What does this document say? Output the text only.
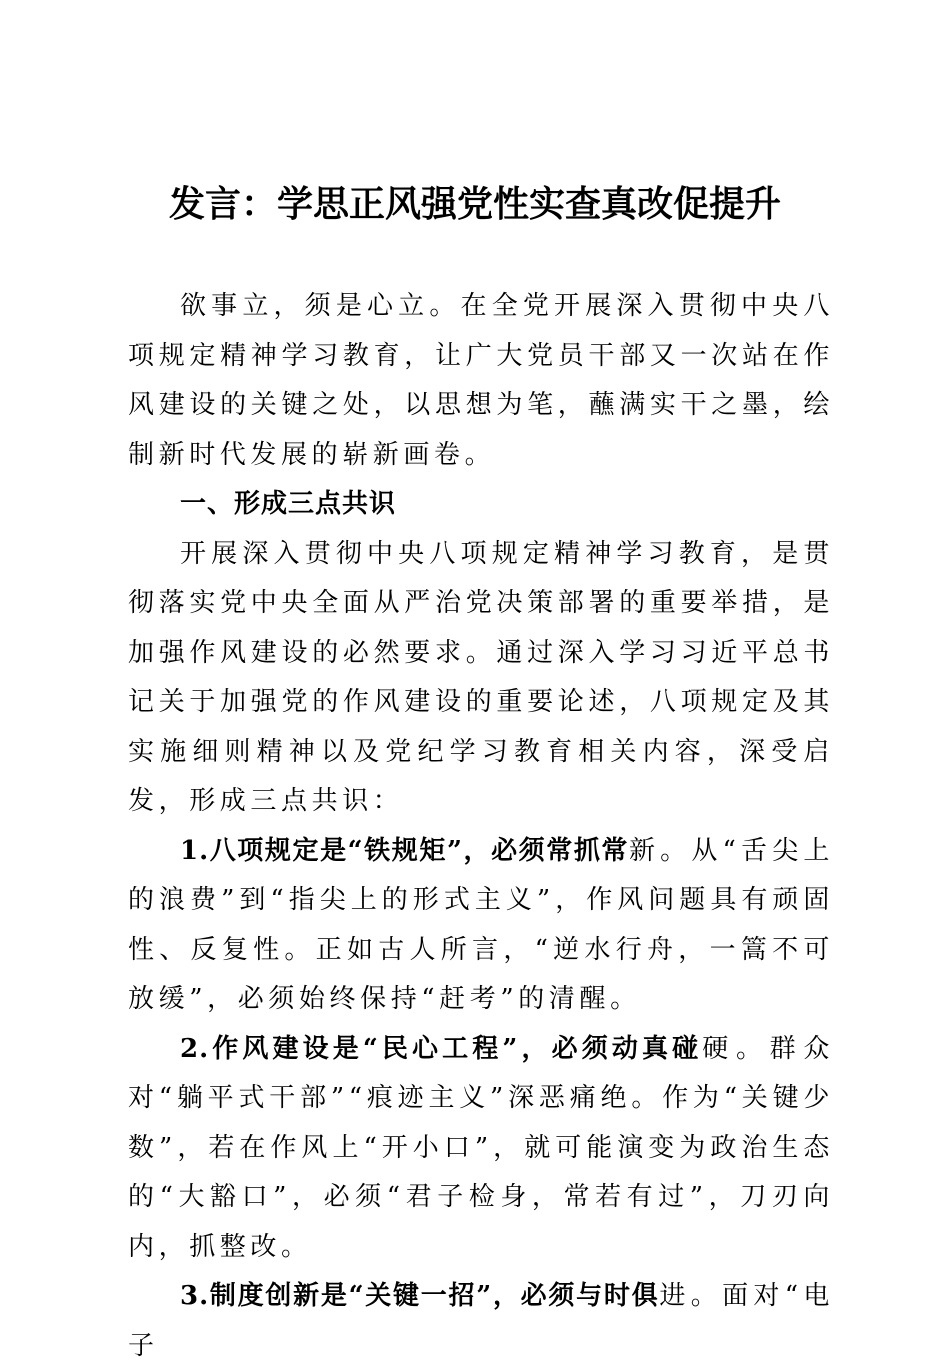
发言：学思正风强党性实查真改促提升

欲事立，须是心立。在全党开展深入贯彻中央八项规定精神学习教育，让广大党员干部又一次站在作风建设的关键之处，以思想为笔，蘸满实干之墨，绘制新时代发展的崭新画卷。

一、形成三点共识

开展深入贯彻中央八项规定精神学习教育，是贯彻落实党中央全面从严治党决策部署的重要举措，是加强作风建设的必然要求。通过深入学习习近平总书记关于加强党的作风建设的重要论述，八项规定及其实施细则精神以及党纪学习教育相关内容，深受启发，形成三点共识：

1.八项规定是“铁规矩”，必须常抓常新。从“舌尖上的浪费”到“指尖上的形式主义”，作风问题具有顽固性、反复性。正如古人所言，“逆水行舟，一篙不可放缓”，必须始终保持“赶考”的清醒。

2.作风建设是“民心工程”，必须动真碰硬。群众对“躺平式干部”“痕迹主义”深恶痛绝。作为“关键少数”，若在作风上“开小口”，就可能演变为政治生态的“大豁口”，必须“君子检身，常若有过”，刀刃向内，抓整改。

3.制度创新是“关键一招”，必须与时俱进。面对“电子
